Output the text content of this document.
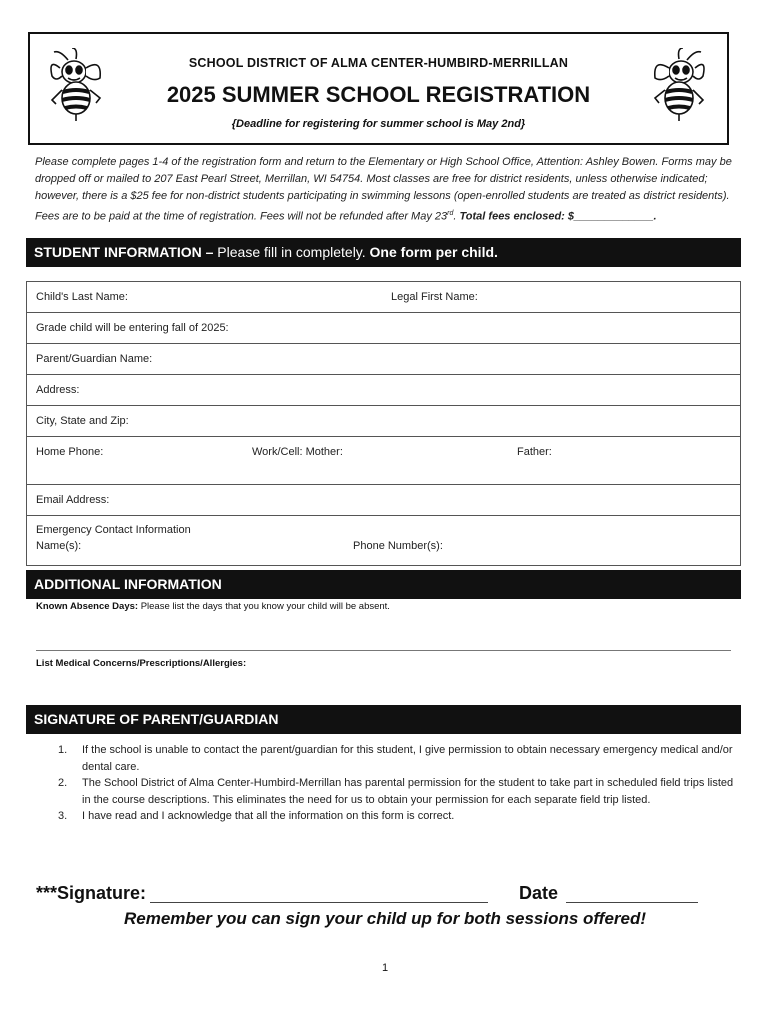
SCHOOL DISTRICT OF ALMA CENTER-HUMBIRD-MERRILLAN
2025 SUMMER SCHOOL REGISTRATION
{Deadline for registering for summer school is May 2nd}
Please complete pages 1-4 of the registration form and return to the Elementary or High School Office, Attention: Ashley Bowen. Forms may be dropped off or mailed to 207 East Pearl Street, Merrillan, WI 54754. Most classes are free for district residents, unless otherwise indicated; however, there is a $25 fee for non-district students participating in swimming lessons (open-enrolled students are treated as district residents). Fees are to be paid at the time of registration. Fees will not be refunded after May 23rd. Total fees enclosed: $_____________.
STUDENT INFORMATION – Please fill in completely. One form per child.
Child's Last Name:	Legal First Name:
Grade child will be entering fall of 2025:
Parent/Guardian Name:
Address:
City, State and Zip:
Home Phone:	Work/Cell: Mother:	Father:
Email Address:
Emergency Contact Information
Name(s):	Phone Number(s):
ADDITIONAL INFORMATION
Known Absence Days: Please list the days that you know your child will be absent.
List Medical Concerns/Prescriptions/Allergies:
SIGNATURE OF PARENT/GUARDIAN
1. If the school is unable to contact the parent/guardian for this student, I give permission to obtain necessary emergency medical and/or dental care.
2. The School District of Alma Center-Humbird-Merrillan has parental permission for the student to take part in scheduled field trips listed in the course descriptions. This eliminates the need for us to obtain your permission for each separate field trip listed.
3. I have read and I acknowledge that all the information on this form is correct.
***Signature:	Date
Remember you can sign your child up for both sessions offered!
1
